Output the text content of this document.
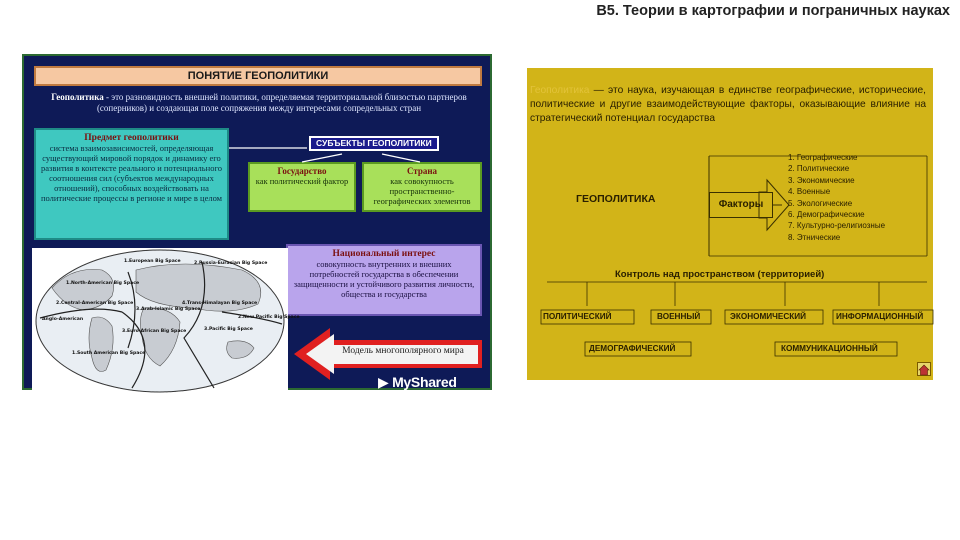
В5. Теории в картографии и пограничных науках
ПОНЯТИЕ ГЕОПОЛИТИКИ
Геополитика - это разновидность внешней политики, определяемая территориальной близостью партнеров (соперников) и создающая поле сопряжения между интересами сопредельных стран
Предмет геополитики
система взаимозависимостей, определяющая существующий мировой порядок и динамику его развития в контексте реального и потенциального соотношения сил (субъектов международных отношений), способных воздействовать на политические процессы в регионе и мире в целом
СУБЪЕКТЫ ГЕОПОЛИТИКИ
Государство
как политический фактор
Страна
как совокупность пространственно-географических элементов
Национальный интерес
совокупность внутренних и внешних потребностей государства в обеспечении защищенности и устойчивого развития личности, общества и государства
1.European Big Space	2.Russia-Eurasian Big Space
1.North-American Big Space
2.Central-American Big Space
3.Arab-Islamic Big Space
4.Trans-Himalayan Big Space
3.Euro-African Big Space	3.Pacific Big Space
1.South American Big Space
2.New Pacific Big Space
Anglo-American
Модель многополярного мира
▶ MyShared
Геополитика — это наука, изучающая в единстве географические, исторические, политические и другие взаимодействующие факторы, оказывающие влияние на стратегический потенциал государства
ГЕОПОЛИТИКА	Факторы
1. Географические
2. Политические
3. Экономические
4. Военные
5. Экологические
6. Демографические
7. Культурно-религиозные
8. Этнические
Контроль над пространством (территорией)
ПОЛИТИЧЕСКИЙ	ВОЕННЫЙ	ЭКОНОМИЧЕСКИЙ	ИНФОРМАЦИОННЫЙ
ДЕМОГРАФИЧЕСКИЙ	КОММУНИКАЦИОННЫЙ
